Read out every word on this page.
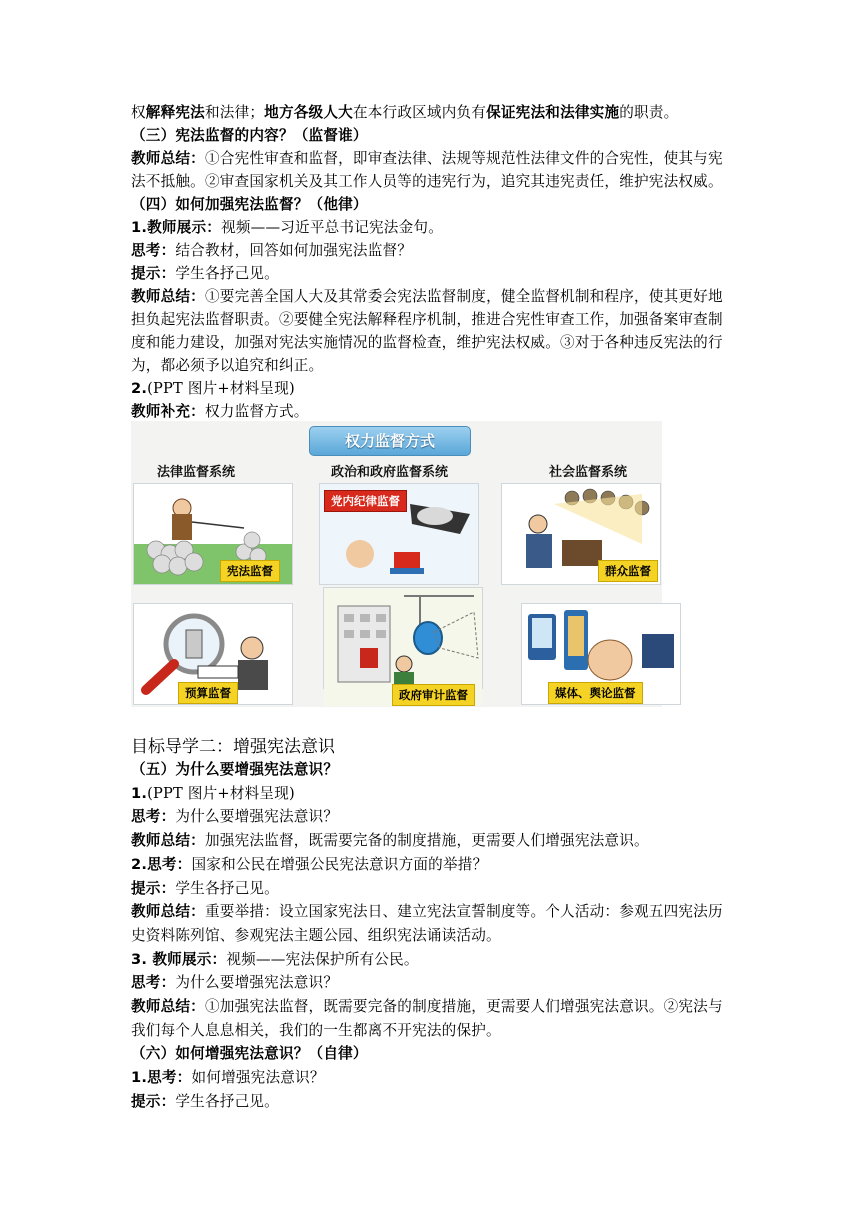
权解释宪法和法律；地方各级人大在本行政区域内负有保证宪法和法律实施的职责。
（三）宪法监督的内容？（监督谁）
教师总结：①合宪性审查和监督，即审查法律、法规等规范性法律文件的合宪性，使其与宪
法不抵触。②审查国家机关及其工作人员等的违宪行为，追究其违宪责任，维护宪法权威。
（四）如何加强宪法监督？（他律）
1.教师展示：视频——习近平总书记宪法金句。
思考：结合教材，回答如何加强宪法监督？
提示：学生各抒己见。
教师总结：①要完善全国人大及其常委会宪法监督制度，健全监督机制和程序，使其更好地
担负起宪法监督职责。②要健全宪法解释程序机制，推进合宪性审查工作，加强备案审查制
度和能力建设，加强对宪法实施情况的监督检查，维护宪法权威。③对于各种违反宪法的行
为，都必须予以追究和纠正。
2.(PPT 图片+材料呈现)
教师补充：权力监督方式。
权力监督方式
法律监督系统	政治和政府监督系统	社会监督系统
宪法监督
党内纪律监督
群众监督
预算监督	政府审计监督	媒体、舆论监督
目标导学二：增强宪法意识
（五）为什么要增强宪法意识？
1.(PPT 图片+材料呈现)
思考：为什么要增强宪法意识？
教师总结：加强宪法监督，既需要完备的制度措施，更需要人们增强宪法意识。
2.思考：国家和公民在增强公民宪法意识方面的举措？
提示：学生各抒己见。
教师总结：重要举措：设立国家宪法日、建立宪法宣誓制度等。个人活动：参观五四宪法历
史资料陈列馆、参观宪法主题公园、组织宪法诵读活动。
3. 教师展示：视频——宪法保护所有公民。
思考：为什么要增强宪法意识？
教师总结：①加强宪法监督，既需要完备的制度措施，更需要人们增强宪法意识。②宪法与
我们每个人息息相关，我们的一生都离不开宪法的保护。
（六）如何增强宪法意识？（自律）
1.思考：如何增强宪法意识？
提示：学生各抒己见。
